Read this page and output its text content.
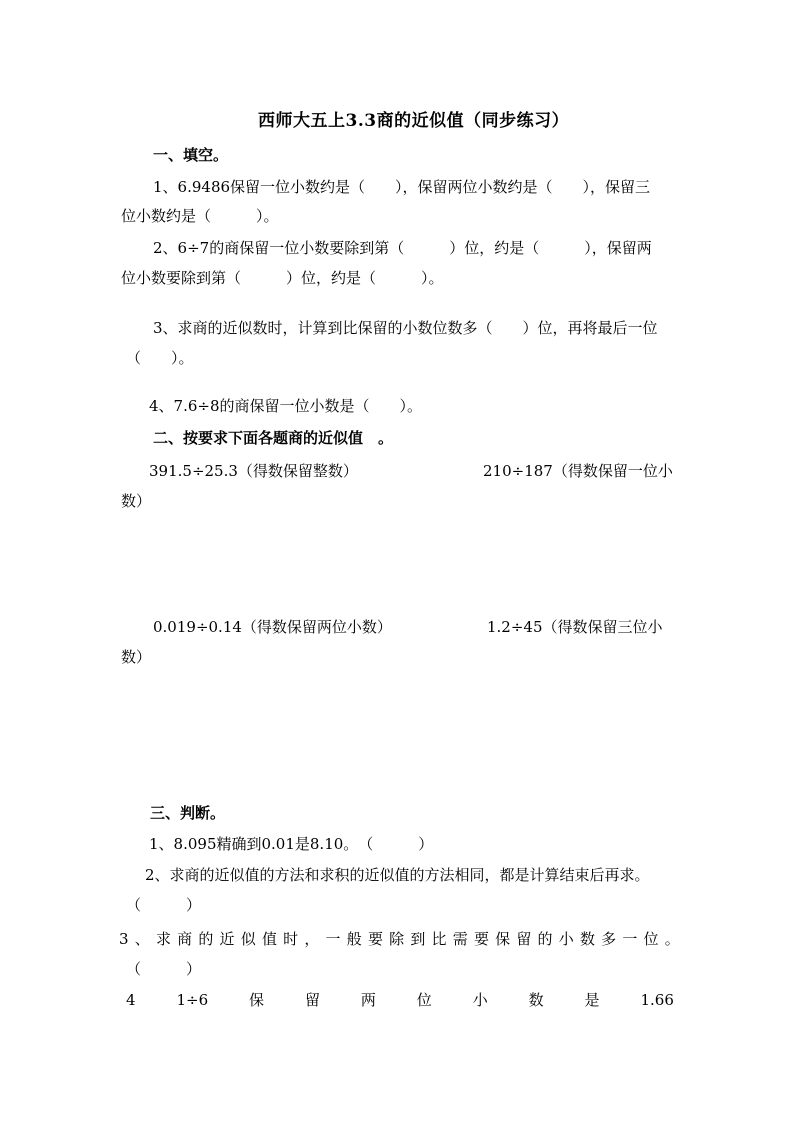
西师大五上3.3商的近似值（同步练习）
一、填空。
1、6.9486保留一位小数约是（　　），保留两位小数约是（　　），保留三
位小数约是（　　　）。
2、6÷7的商保留一位小数要除到第（　　　）位，约是（　　　），保留两
位小数要除到第（　　　）位，约是（　　　）。
3、求商的近似数时，计算到比保留的小数位数多（　　）位，再将最后一位
（　　）。
4、7.6÷8的商保留一位小数是（　　）。
二、按要求下面各题商的近似值　。
391.5÷25.3（得数保留整数）	210÷187（得数保留一位小
数）
0.019÷0.14（得数保留两位小数）	1.2÷45（得数保留三位小
数）
三、判断。
1、8.095精确到0.01是8.10。　（　　　）
2、求商的近似值的方法和求积的近似值的方法相同，都是计算结束后再求。
（　　　）
3、求商的近似值时，一般要除到比需要保留的小数多一位。
（　　　）
4	1÷6	保	留	两	位	小	数	是	1.66
